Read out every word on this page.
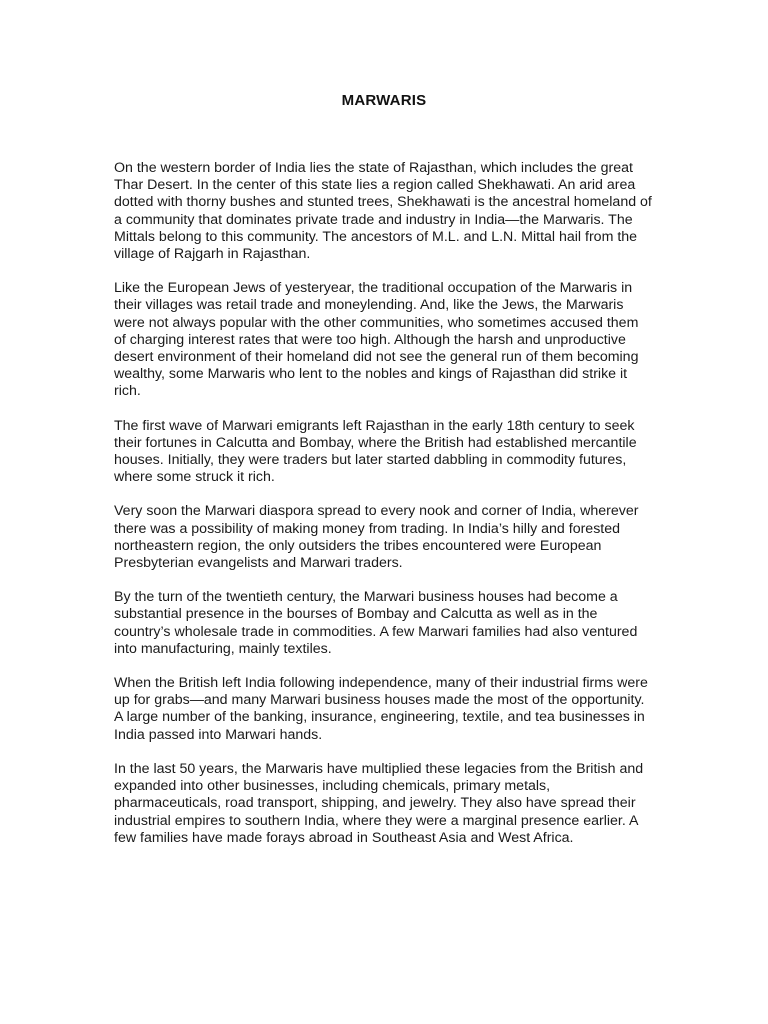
MARWARIS

On the western border of India lies the state of Rajasthan, which includes the great Thar Desert. In the center of this state lies a region called Shekhawati. An arid area dotted with thorny bushes and stunted trees, Shekhawati is the ancestral homeland of a community that dominates private trade and industry in India—the Marwaris. The Mittals belong to this community. The ancestors of M.L. and L.N. Mittal hail from the village of Rajgarh in Rajasthan.

Like the European Jews of yesteryear, the traditional occupation of the Marwaris in their villages was retail trade and moneylending. And, like the Jews, the Marwaris were not always popular with the other communities, who sometimes accused them of charging interest rates that were too high. Although the harsh and unproductive desert environment of their homeland did not see the general run of them becoming wealthy, some Marwaris who lent to the nobles and kings of Rajasthan did strike it rich.

The first wave of Marwari emigrants left Rajasthan in the early 18th century to seek their fortunes in Calcutta and Bombay, where the British had established mercantile houses. Initially, they were traders but later started dabbling in commodity futures, where some struck it rich.

Very soon the Marwari diaspora spread to every nook and corner of India, wherever there was a possibility of making money from trading. In India’s hilly and forested northeastern region, the only outsiders the tribes encountered were European Presbyterian evangelists and Marwari traders.

By the turn of the twentieth century, the Marwari business houses had become a substantial presence in the bourses of Bombay and Calcutta as well as in the country’s wholesale trade in commodities. A few Marwari families had also ventured into manufacturing, mainly textiles.

When the British left India following independence, many of their industrial firms were up for grabs—and many Marwari business houses made the most of the opportunity. A large number of the banking, insurance, engineering, textile, and tea businesses in India passed into Marwari hands.

In the last 50 years, the Marwaris have multiplied these legacies from the British and expanded into other businesses, including chemicals, primary metals, pharmaceuticals, road transport, shipping, and jewelry. They also have spread their industrial empires to southern India, where they were a marginal presence earlier. A few families have made forays abroad in Southeast Asia and West Africa.
